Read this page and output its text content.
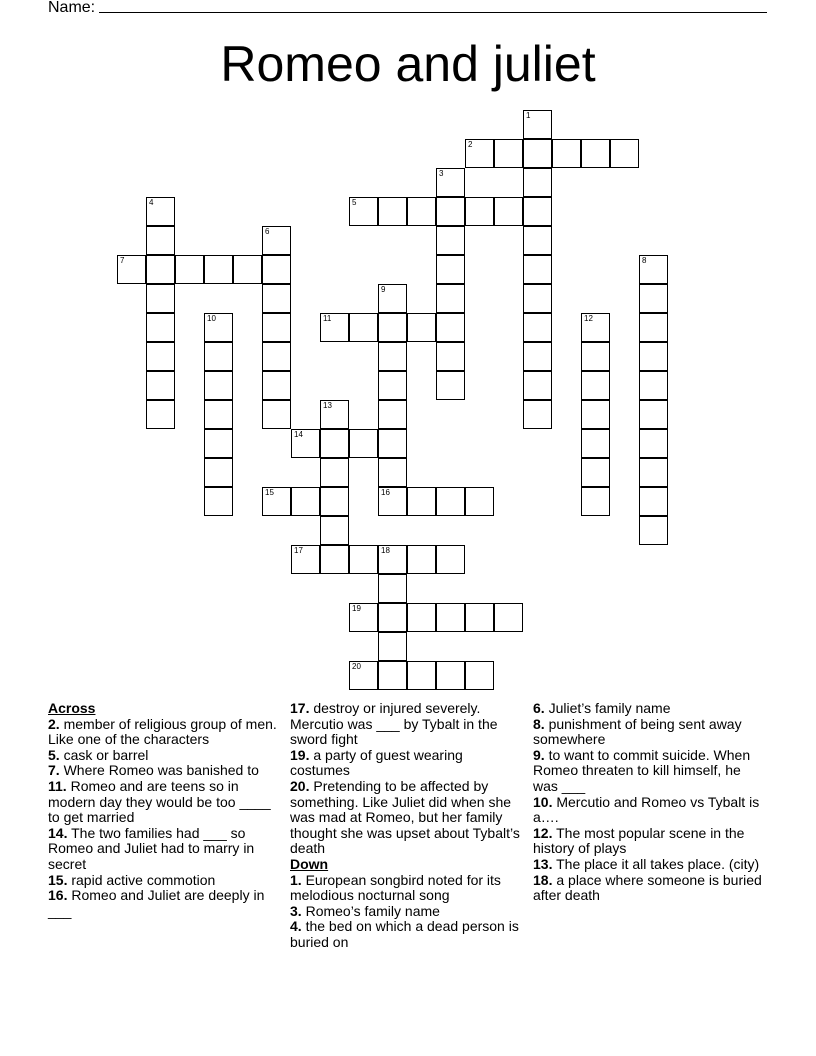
Name:
Romeo and juliet
1
2
3
4	5
6
7	8
9
16
10	11	12
13
14
15
17	18
19
20
Across
2. member of religious group of men. Like one of the characters
5. cask or barrel
7. Where Romeo was banished to
11. Romeo and are teens so in modern day they would be too ____ to get married
14. The two families had ___ so Romeo and Juliet had to marry in secret
15. rapid active commotion
16. Romeo and Juliet are deeply in ___
17. destroy or injured severely. Mercutio was ___ by Tybalt in the sword fight
19. a party of guest wearing costumes
20. Pretending to be affected by something. Like Juliet did when she was mad at Romeo, but her family thought she was upset about Tybalt’s death
Down
1. European songbird noted for its melodious nocturnal song
3. Romeo’s family name
4. the bed on which a dead person is buried on
6. Juliet’s family name
8. punishment of being sent away somewhere
9. to want to commit suicide. When Romeo threaten to kill himself, he was ___
10. Mercutio and Romeo vs Tybalt is a….
12. The most popular scene in the history of plays
13. The place it all takes place. (city)
18. a place where someone is buried after death
